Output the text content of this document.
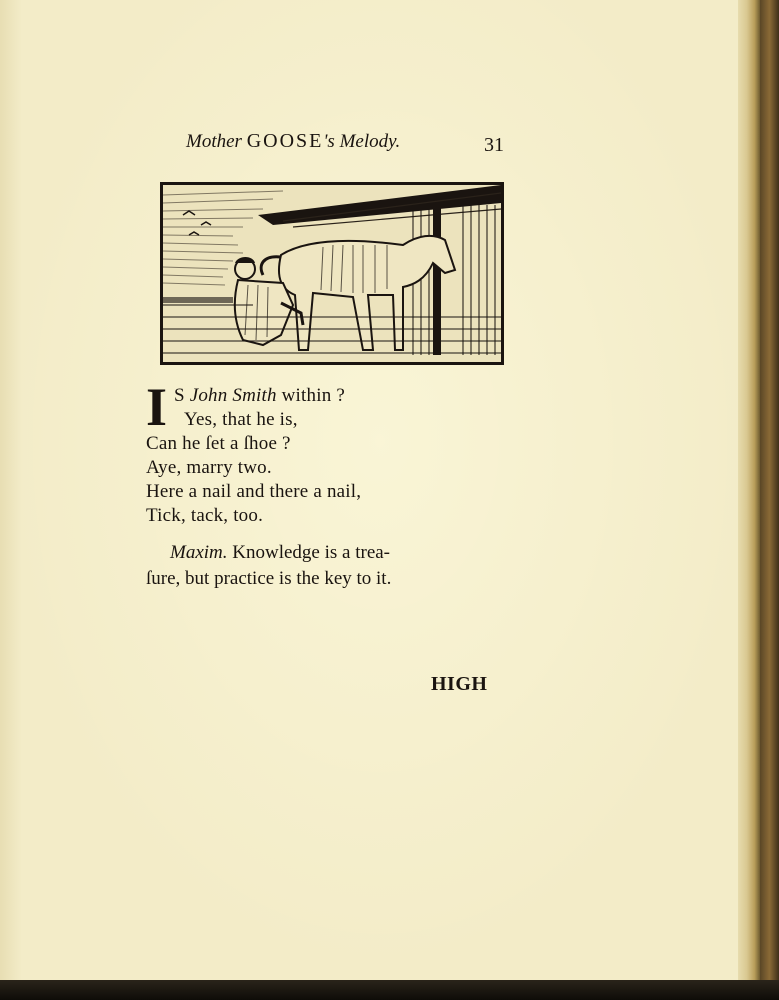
Mother GOOSE's Melody.	31
I S John Smith within ?
Yes, that he is,
Can he ſet a ſhoe ?
Aye, marry two.
Here a nail and there a nail,
Tick, tack, too.
Maxim. Knowledge is a trea-
ſure, but practice is the key to it.
HIGH
